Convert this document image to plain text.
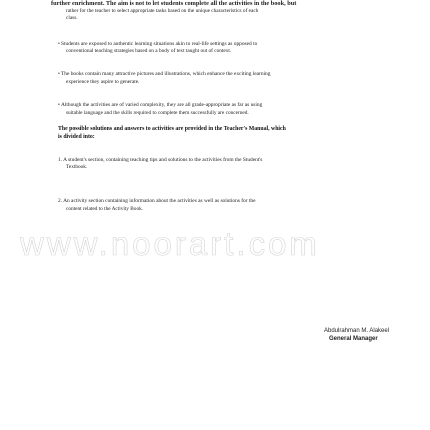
www.noorart.com
further enrichment. The aim is not to let students complete all the activities in the book, but
rather for the teacher to select appropriate tasks based on the unique characteristics of each
class.
• Students are exposed to authentic learning situations akin to real-life settings as opposed to
conventional teaching strategies based on a body of text taught out of context.
• The books contain many attractive pictures and illustrations, which enhance the exciting learning
experience they aspire to generate.
• Although the activities are of varied complexity, they are all grade-appropriate as far as using
suitable language and the skills required to complete them successfully are concerned.
The possible solutions and answers to activities are provided in the Teacher's Manual, which
is divided into:
1. A student's section, containing teaching tips and solutions to the activities from the Student's
Textbook.
2. An activity section containing information about the activities as well as solutions for the
content related to the Activity Book.
Abdulrahman M. Alakeel
General Manager
